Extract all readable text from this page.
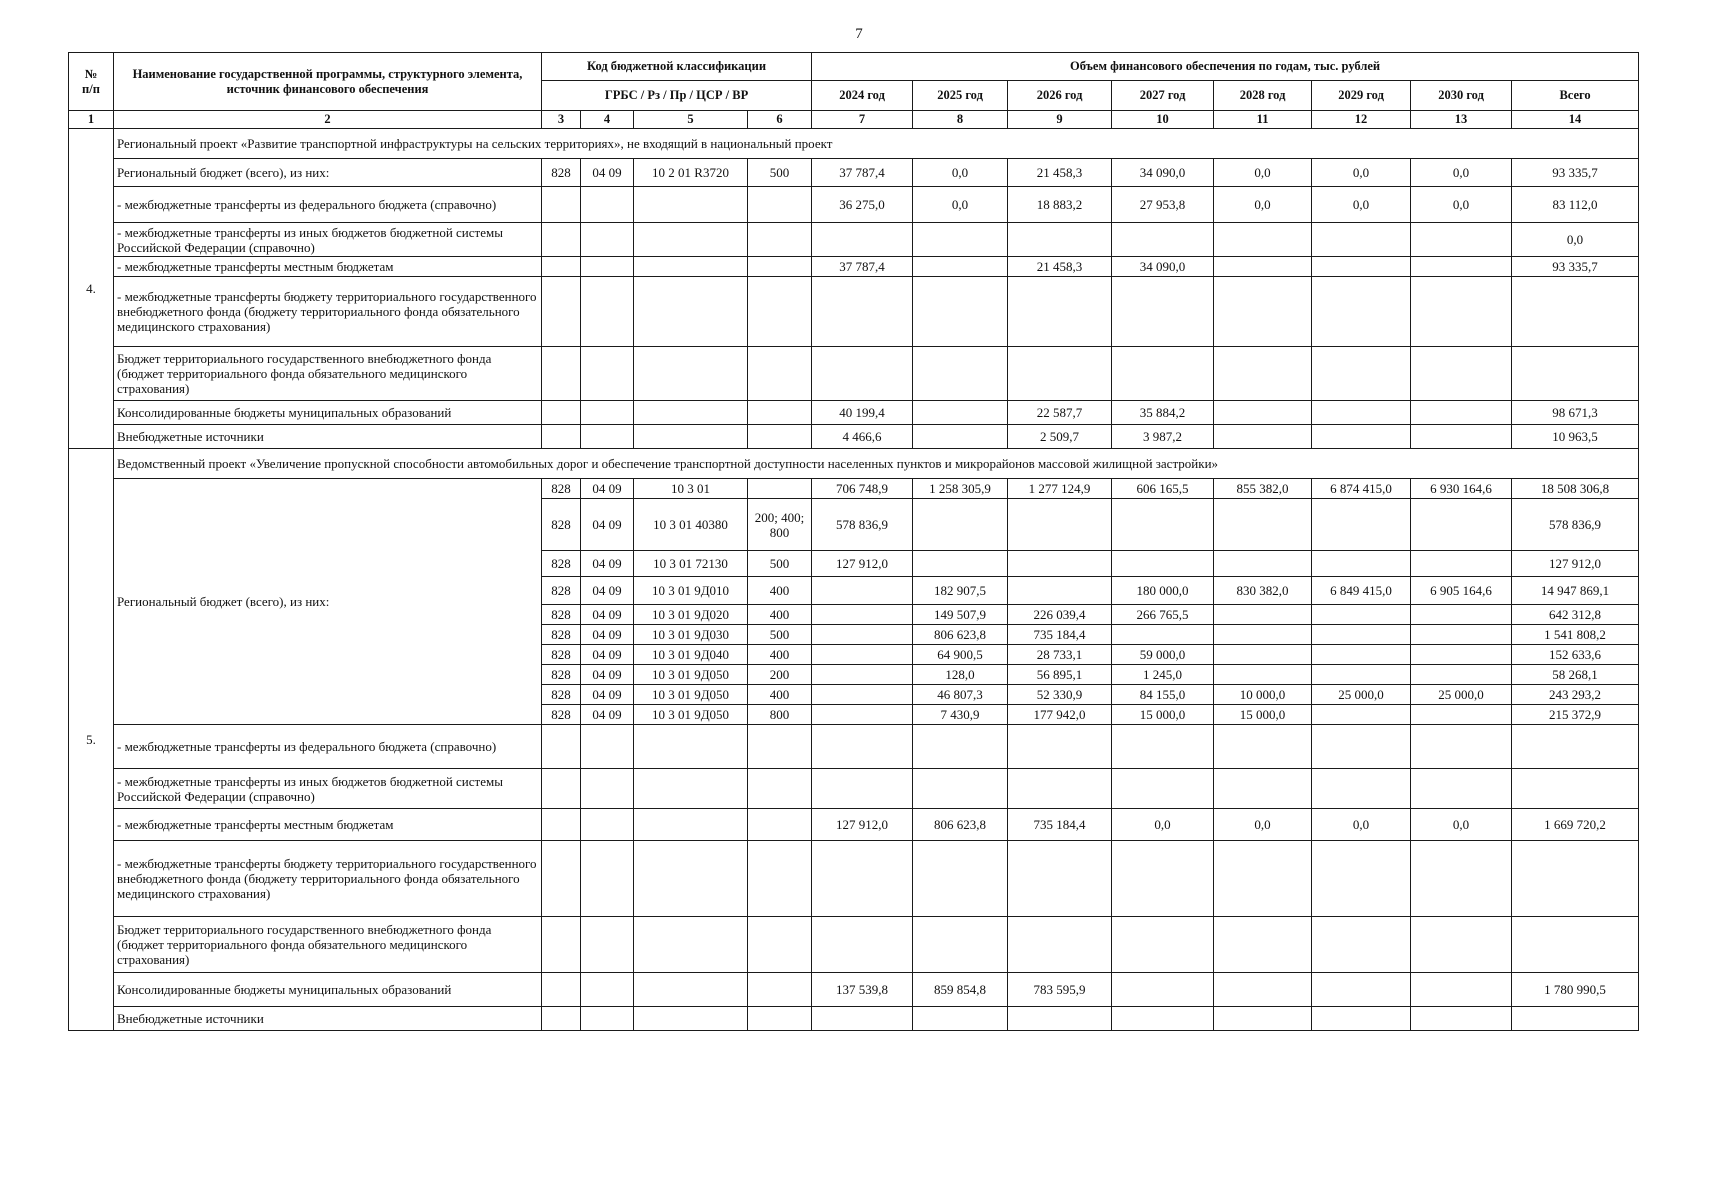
7
№
п/п	Наименование государственной программы, структурного элемента, источник финансового обеспечения	Код бюджетной классификации				Объем финансового обеспечения по годам, тыс. рублей							
		ГРБС / Рз / Пр / ЦСР / ВР				2024 год	2025 год	2026 год	2027 год	2028 год	2029 год	2030 год	Всего
1	2	3	4	5	6	7	8	9	10	11	12	13	14
4.	Региональный проект «Развитие транспортной инфраструктуры на сельских территориях», не входящий в национальный проект												
	Региональный бюджет (всего), из них:	828	04 09	10 2 01 R3720	500	37 787,4	0,0	21 458,3	34 090,0	0,0	0,0	0,0	93 335,7
	- межбюджетные трансферты из федерального бюджета (справочно)					36 275,0	0,0	18 883,2	27 953,8	0,0	0,0	0,0	83 112,0
	- межбюджетные трансферты из иных бюджетов бюджетной системы Российской Федерации (справочно)												0,0
	- межбюджетные трансферты местным бюджетам					37 787,4		21 458,3	34 090,0				93 335,7
	- межбюджетные трансферты бюджету территориального государственного внебюджетного фонда (бюджету территориального фонда обязательного медицинского страхования)												
	Бюджет территориального государственного внебюджетного фонда (бюджет территориального фонда обязательного медицинского страхования)												
	Консолидированные бюджеты муниципальных образований					40 199,4		22 587,7	35 884,2				98 671,3
	Внебюджетные источники					4 466,6		2 509,7	3 987,2				10 963,5
5.	Ведомственный проект «Увеличение пропускной способности автомобильных дорог и обеспечение транспортной доступности населенных пунктов и микрорайонов массовой жилищной застройки»												
	Региональный бюджет (всего), из них:	828	04 09	10 3 01		706 748,9	1 258 305,9	1 277 124,9	606 165,5	855 382,0	6 874 415,0	6 930 164,6	18 508 306,8
		828	04 09	10 3 01 40380	200; 400; 800	578 836,9							578 836,9
		828	04 09	10 3 01 72130	500	127 912,0							127 912,0
		828	04 09	10 3 01 9Д010	400		182 907,5		180 000,0	830 382,0	6 849 415,0	6 905 164,6	14 947 869,1
		828	04 09	10 3 01 9Д020	400		149 507,9	226 039,4	266 765,5				642 312,8
		828	04 09	10 3 01 9Д030	500		806 623,8	735 184,4					1 541 808,2
		828	04 09	10 3 01 9Д040	400		64 900,5	28 733,1	59 000,0				152 633,6
		828	04 09	10 3 01 9Д050	200		128,0	56 895,1	1 245,0				58 268,1
		828	04 09	10 3 01 9Д050	400		46 807,3	52 330,9	84 155,0	10 000,0	25 000,0	25 000,0	243 293,2
		828	04 09	10 3 01 9Д050	800		7 430,9	177 942,0	15 000,0	15 000,0			215 372,9
	- межбюджетные трансферты из федерального бюджета (справочно)												
	- межбюджетные трансферты из иных бюджетов бюджетной системы Российской Федерации (справочно)												
	- межбюджетные трансферты местным бюджетам					127 912,0	806 623,8	735 184,4	0,0	0,0	0,0	0,0	1 669 720,2
	- межбюджетные трансферты бюджету территориального государственного внебюджетного фонда (бюджету территориального фонда обязательного медицинского страхования)												
	Бюджет территориального государственного внебюджетного фонда (бюджет территориального фонда обязательного медицинского страхования)												
	Консолидированные бюджеты муниципальных образований					137 539,8	859 854,8	783 595,9					1 780 990,5
	Внебюджетные источники												
